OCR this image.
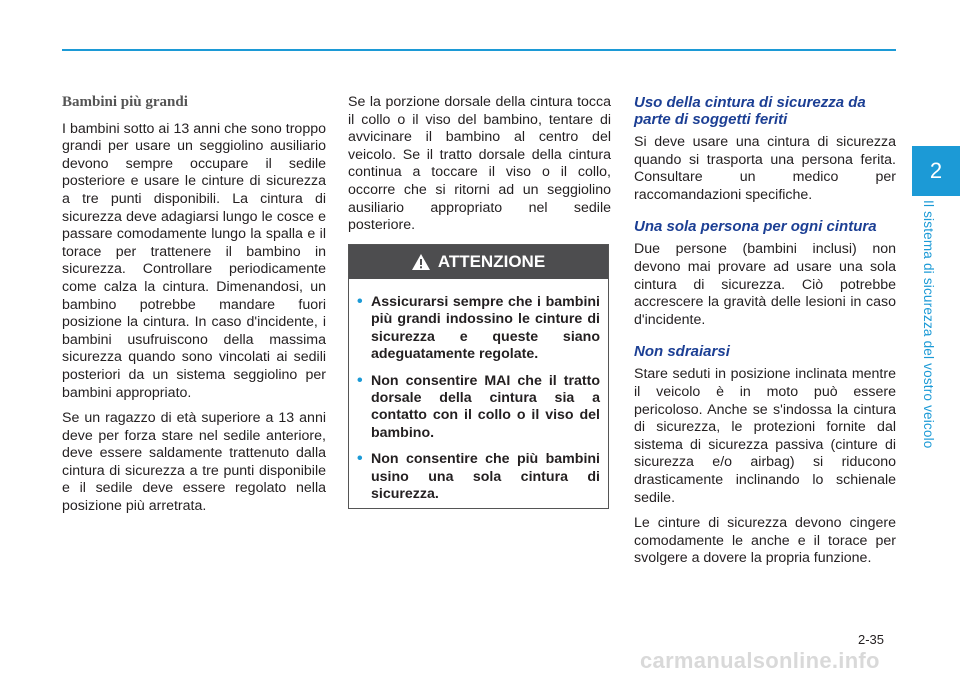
Bambini più grandi

I bambini sotto ai 13 anni che sono troppo grandi per usare un seggiolino ausiliario devono sempre occupare il sedile posteriore e usare le cinture di sicurezza a tre punti disponibili. La cintura di sicurezza deve adagiarsi lungo le cosce e passare comodamente lungo la spalla e il torace per trattenere il bambino in sicurezza. Controllare periodicamente come calza la cintura. Dimenandosi, un bambino potrebbe mandare fuori posizione la cintura. In caso d'incidente, i bambini usufruiscono della massima sicurezza quando sono vincolati ai sedili posteriori da un sistema seggiolino per bambini appropriato.

Se un ragazzo di età superiore a 13 anni deve per forza stare nel sedile anteriore, deve essere saldamente trattenuto dalla cintura di sicurezza a tre punti disponibile e il sedile deve essere regolato nella posizione più arretrata.

Se la porzione dorsale della cintura tocca il collo o il viso del bambino, tentare di avvicinare il bambino al centro del veicolo. Se il tratto dorsale della cintura continua a toccare il viso o il collo, occorre che si ritorni ad un seggiolino ausiliario appropriato nel sedile posteriore.

ATTENZIONE
• Assicurarsi sempre che i bambini più grandi indossino le cinture di sicurezza e queste siano adeguatamente regolate.
• Non consentire MAI che il tratto dorsale della cintura sia a contatto con il collo o il viso del bambino.
• Non consentire che più bambini usino una sola cintura di sicurezza.
Uso della cintura di sicurezza da parte di soggetti feriti

Si deve usare una cintura di sicurezza quando si trasporta una persona ferita. Consultare un medico per raccomandazioni specifiche.

Una sola persona per ogni cintura

Due persone (bambini inclusi) non devono mai provare ad usare una sola cintura di sicurezza. Ciò potrebbe accrescere la gravità delle lesioni in caso d'incidente.

Non sdraiarsi

Stare seduti in posizione inclinata mentre il veicolo è in moto può essere pericoloso. Anche se s'indossa la cintura di sicurezza, le protezioni fornite dal sistema di sicurezza passiva (cinture di sicurezza e/o airbag) si riducono drasticamente inclinando lo schienale sedile.

Le cinture di sicurezza devono cingere comodamente le anche e il torace per svolgere a dovere la propria funzione.

2
Il sistema di sicurezza del vostro veicolo
2-35
carmanualsonline.info
